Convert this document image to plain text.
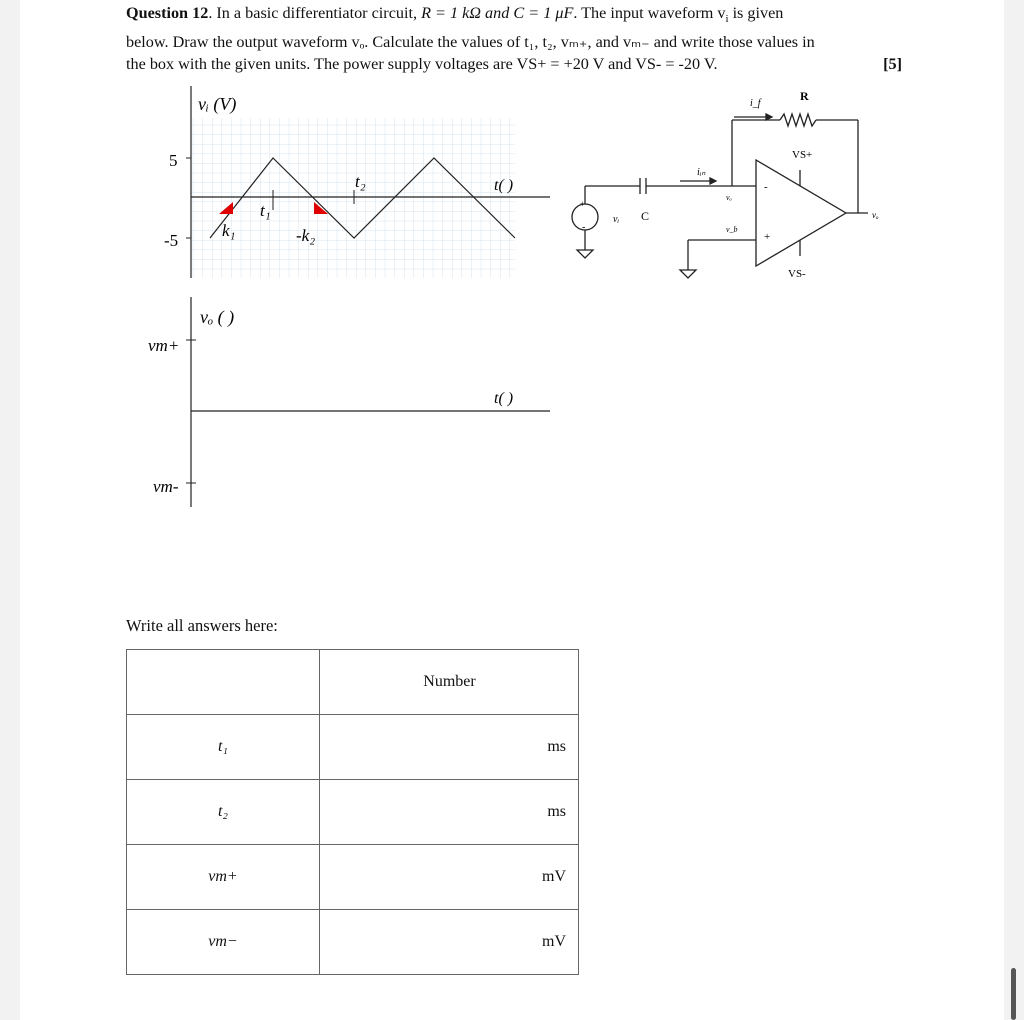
Question 12. In a basic differentiator circuit, R = 1 kΩ and C = 1 μF. The input waveform $v_i$ is given
below. Draw the output waveform vₒ. Calculate the values of t₁, t₂, vₘ₊, and vₘ₋ and write those values in
the box with the given units. The power supply voltages are VS+ = +20 V and VS- = -20 V.	[5]
5
-5
vᵢ (V)
t( )
t₁
t₂
k₁	-k₂
vₒ ( )
vm+
vm-
t( )
+
-
vᵢ C
R
i_f
iᵢₙ
vₐ
v_b
-
+
vₒ
VS+
VS-
Write all answers here:
	Number
t₁	ms
t₂	ms
vm+	mV
vm−	mV
